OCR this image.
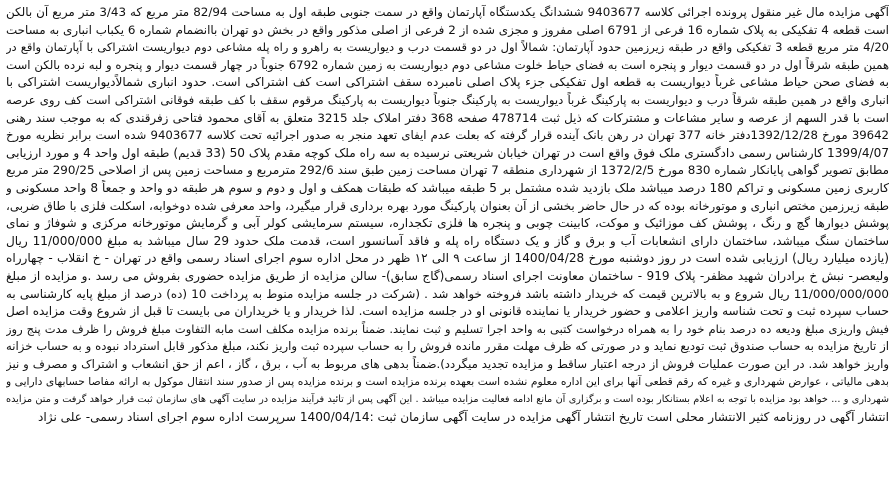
آگهی مزایده مال غیر منقول پرونده اجرائی کلاسه 9403677 ششدانگ یکدستگاه آپارتمان واقع در سمت جنوبی طبقه اول به مساحت 82/94 متر مربع که 3/43 متر مربع آن بالکن
است قطعه 4 تفکیکی به پلاک شماره 16 فرعی از 6791 اصلی مفروز و مجزی شده از 2 فرعی از اصلی مذکور واقع در بخش دو تهران باانضمام شماره 6 یکباب انباری به مساحت
4/20 متر مربع قطعه 3 تفکیکی واقع در طبقه زیرزمین حدود آپارتمان: شمالاً اول در دو قسمت درب و دیواریست به راهرو و راه پله مشاعی دوم دیواریست اشتراکی با آپارتمان واقع در
همین طبقه شرقاً اول در دو قسمت دیوار و پنجره است به فضای حیاط خلوت مشاعی دوم دیواریست به زمین شماره 6792 جنوباً در چهار قسمت دیوار و پنجره و لبه نرده بالکن است
به فضای صحن حیاط مشاعی غرباً دیواریست به قطعه اول تفکیکی جزء پلاک اصلی نامبرده سقف اشتراکی است کف اشتراکی است. حدود انباری شمالاًدیواریست اشتراکی با
انباری واقع در همین طبقه شرقاً درب و دیواریست به پارکینگ غرباً دیواریست به پارکینگ جنوباً دیواریست به پارکینگ مرقوم سقف با کف طبقه فوقانی اشتراکی است کف روی عرصه
است با قدر السهم از عرصه و سایر مشاعات و مشترکات که ذیل ثبت 478714 صفحه 368 دفتر املاک جلد 3215 متعلق به آقای محمود فتاحی زفرقندی که به موجب سند رهنی
39642 مورخ 1392/12/28دفتر خانه 377 تهران در رهن بانک آینده قرار گرفته که بعلت عدم ایفای تعهد منجر به صدور اجرائیه تحت کلاسه 9403677 شده است برابر نظریه مورخ
1399/4/07 کارشناس رسمی دادگستری ملک فوق واقع است در تهران خیابان شریعتی نرسیده به سه راه ملک کوچه مقدم پلاک 50 (33 قدیم) طبقه اول واحد 4 و مورد ارزیابی
مطابق تصویر گواهی پایانکار شماره 830 مورخ 1372/2/5 از شهرداری منطقه 7 تهران مساحت زمین طبق سند 292/6 مترمربع و مساحت زمین پس از اصلاحی 290/25 متر مربع
کاربری زمین مسکونی و تراکم 180 درصد میباشد ملک بازدید شده مشتمل بر 5 طبقه میباشد که طبقات همکف و اول و دوم و سوم هر طبقه دو واحد و جمعاً 8 واحد مسکونی و
طبقه زیرزمین مختص انباری و موتورخانه بوده که در حال حاضر بخشی از آن بعنوان پارکینگ مورد بهره برداری قرار میگیرد، واحد معرفی شده دوخوابه، اسکلت فلزی با طاق ضربی،
پوشش دیوارها گچ و رنگ ، پوشش کف موزائیک و موکت، کابینت چوبی و پنجره ها فلزی تکجداره، سیستم سرمایشی کولر آبی و گرمایش موتورخانه مرکزی و شوفاژ و نمای
ساختمان سنگ میباشد، ساختمان دارای انشعابات آب و برق و گاز و یک دستگاه راه پله و فاقد آسانسور است، قدمت ملک حدود 29 سال میباشد به مبلغ 11/000/000 ریال
(یازده میلیارد ریال) ارزیابی شده است در روز دوشنبه مورخ 1400/04/28 از ساعت ۹ الی ۱۲ ظهر در محل اداره سوم اجرای اسناد رسمی واقع در تهران - خ انقلاب - چهارراه
ولیعصر- نبش خ برادران شهید مظفر- پلاک 919 - ساختمان معاونت اجرای اسناد رسمی(گاج سابق)- سالن مزایده از طریق مزایده حضوری بفروش می رسد .و مزایده از مبلغ
11/000/000/000 ریال شروع و به بالاترین قیمت که خریدار داشته باشد فروخته خواهد شد . (شرکت در جلسه مزایده منوط به پرداخت 10 (ده) درصد از مبلغ پایه کارشناسی به
حساب سپرده ثبت و تحت شناسه واریز اعلامی و حضور خریدار یا نماینده قانونی او در جلسه مزایده است. لذا خریدار و یا خریداران می بایست تا قبل از شروع وقت مزایده اصل
فیش واریزی مبلغ ودیعه ده درصد بنام خود را به همراه درخواست کتبی به واحد اجرا تسلیم و ثبت نمایند. ضمناً برنده مزایده مکلف است مابه التفاوت مبلغ فروش را ظرف مدت پنج روز
از تاریخ مزایده به حساب صندوق ثبت تودیع نماید و در صورتی که ظرف مهلت مقرر مانده فروش را به حساب سپرده ثبت واریز نکند، مبلغ مذکور قابل استرداد نبوده و به حساب خزانه
واریز خواهد شد. در این صورت عملیات فروش از درجه اعتبار ساقط و مزایده تجدید میگردد).ضمناً بدهی های مربوط به آب ، برق ، گاز ، اعم از حق انشعاب و اشتراک و مصرف و نیز
بدهی مالیاتی ، عوارض شهرداری و غیره که رقم قطعی آنها برای این اداره معلوم نشده است بعهده برنده مزایده است و برنده مزایده پس از صدور سند انتقال موکول به ارائه مفاصا حسابهای دارایی و
شهرداری و ... خواهد بود مزایده با توجه به اعلام بستانکار بوده است و برگزاری آن مانع ادامه فعالیت مزایده میباشد . این آگهی پس از تائید فرآیند مزایده در سایت آگهی های سازمان ثبت قرار خواهد گرفت و متن مزایده
انتشار آگهی در روزنامه کثیر الانتشار محلی است تاریخ انتشار آگهی مزایده در سایت آگهی سازمان ثبت :1400/04/14 سرپرست اداره سوم اجرای اسناد رسمی- علی نژاد
